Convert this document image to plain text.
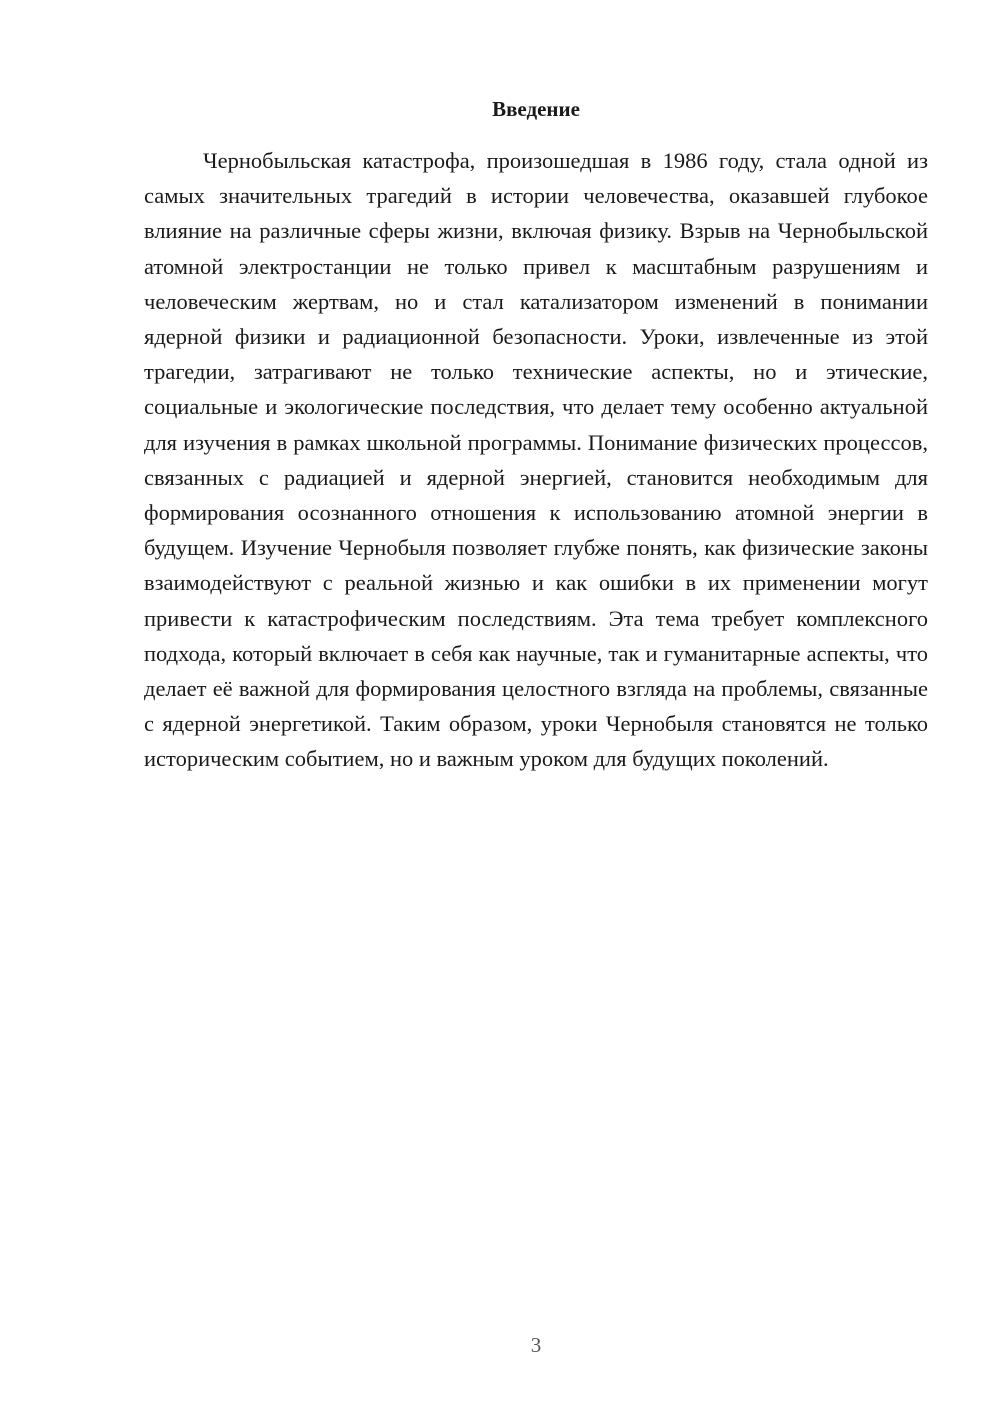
Введение

Чернобыльская катастрофа, произошедшая в 1986 году, стала одной из самых значительных трагедий в истории человечества, оказавшей глубокое влияние на различные сферы жизни, включая физику. Взрыв на Чернобыльской атомной электростанции не только привел к масштабным разрушениям и человеческим жертвам, но и стал катализатором изменений в понимании ядерной физики и радиационной безопасности. Уроки, извлеченные из этой трагедии, затрагивают не только технические аспекты, но и этические, социальные и экологические последствия, что делает тему особенно актуальной для изучения в рамках школьной программы. Понимание физических процессов, связанных с радиацией и ядерной энергией, становится необходимым для формирования осознанного отношения к использованию атомной энергии в будущем. Изучение Чернобыля позволяет глубже понять, как физические законы взаимодействуют с реальной жизнью и как ошибки в их применении могут привести к катастрофическим последствиям. Эта тема требует комплексного подхода, который включает в себя как научные, так и гуманитарные аспекты, что делает её важной для формирования целостного взгляда на проблемы, связанные с ядерной энергетикой. Таким образом, уроки Чернобыля становятся не только историческим событием, но и важным уроком для будущих поколений.

3
